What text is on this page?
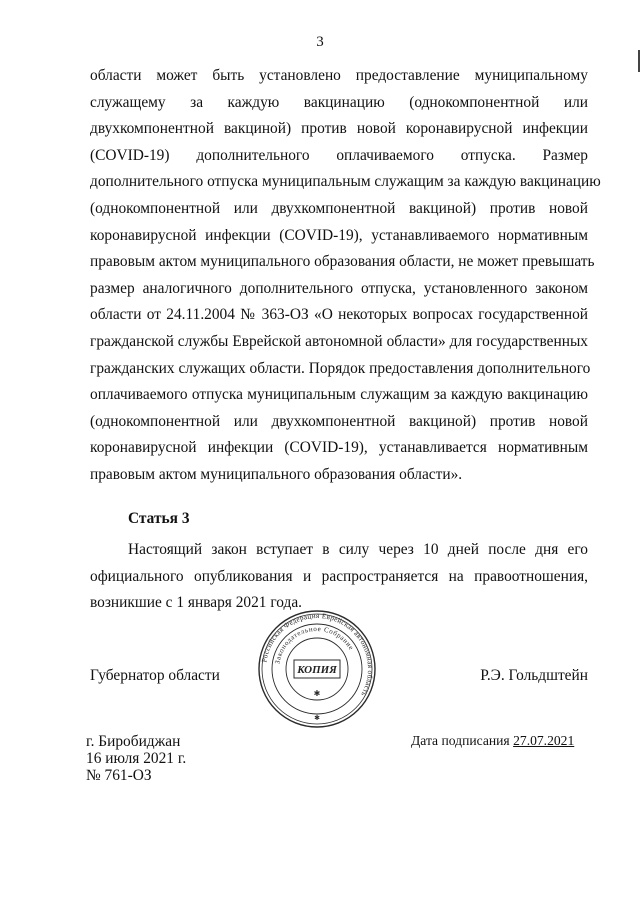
3
области может быть установлено предоставление муниципальному
служащему за каждую вакцинацию (однокомпонентной или
двухкомпонентной вакциной) против новой коронавирусной инфекции
(COVID-19) дополнительного оплачиваемого отпуска. Размер
дополнительного отпуска муниципальным служащим за каждую вакцинацию
(однокомпонентной или двухкомпонентной вакциной) против новой
коронавирусной инфекции (COVID-19), устанавливаемого нормативным
правовым актом муниципального образования области, не может превышать
размер аналогичного дополнительного отпуска, установленного законом
области от 24.11.2004 № 363-ОЗ «О некоторых вопросах государственной
гражданской службы Еврейской автономной области» для государственных
гражданских служащих области. Порядок предоставления дополнительного
оплачиваемого отпуска муниципальным служащим за каждую вакцинацию
(однокомпонентной или двухкомпонентной вакциной) против новой
коронавирусной инфекции (COVID-19), устанавливается нормативным
правовым актом муниципального образования области».
Статья 3
Настоящий закон вступает в силу через 10 дней после дня его
официального опубликования и распространяется на правоотношения,
возникшие с 1 января 2021 года.
Губернатор области	Р.Э. Гольдштейн
Российская Федерация Еврейская автономная область
Законодательное Собрание
КОПИЯ
✱
✱
г. Биробиджан
16 июля 2021 г.
№ 761-ОЗ
Дата подписания 27.07.2021
